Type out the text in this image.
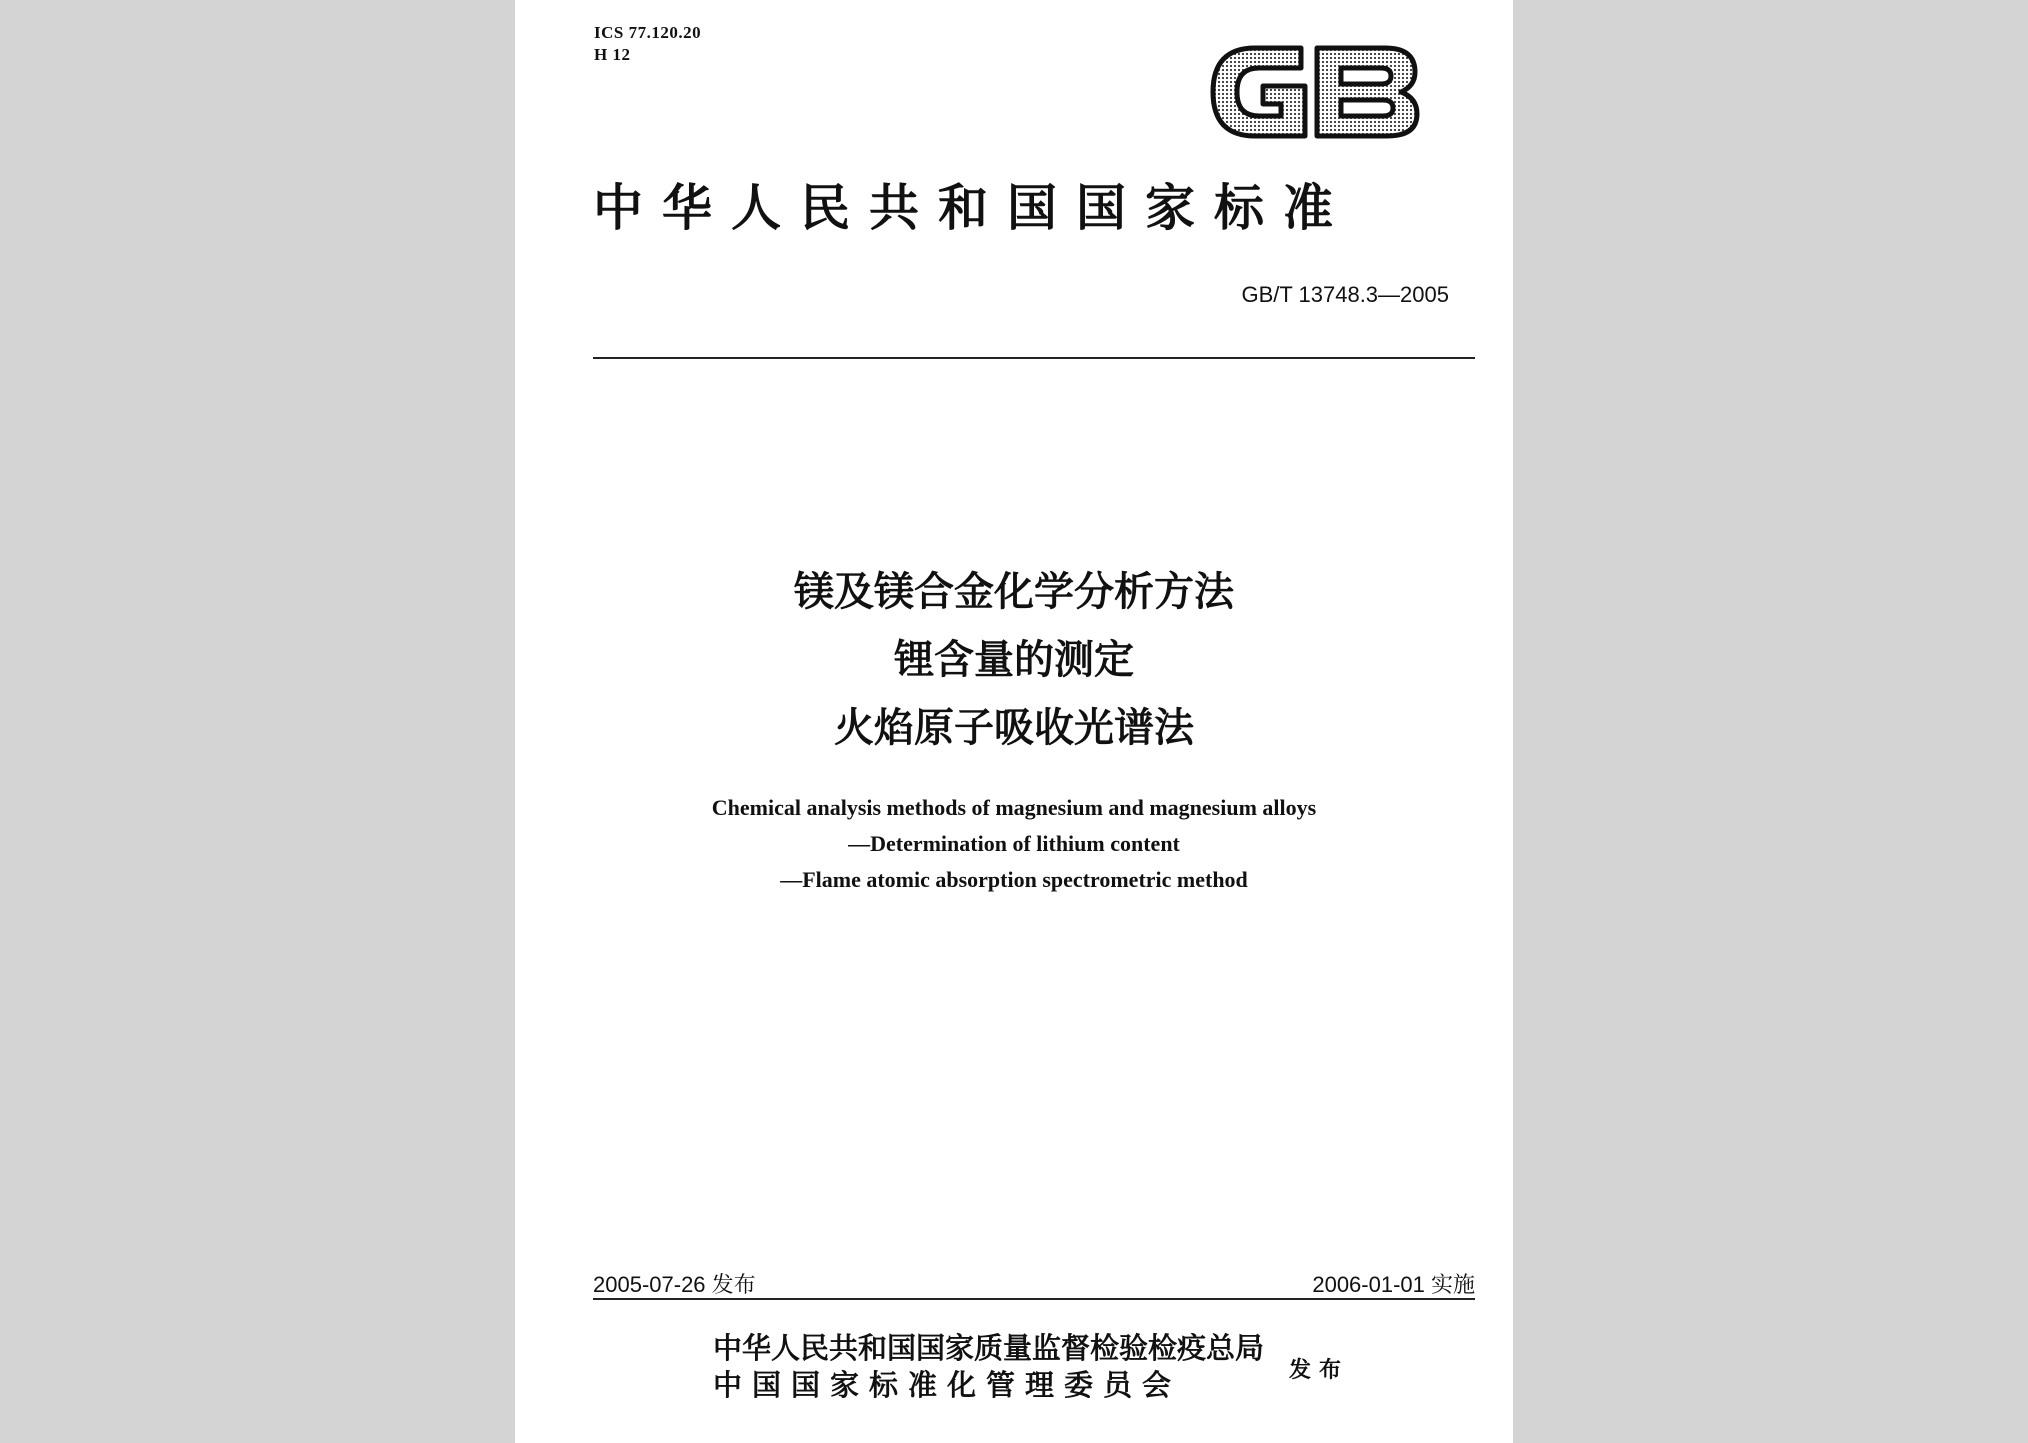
ICS 77.120.20
H 12
中华人民共和国国家标准
GB/T 13748.3—2005
镁及镁合金化学分析方法
锂含量的测定
火焰原子吸收光谱法
Chemical analysis methods of magnesium and magnesium alloys
—Determination of lithium content
—Flame atomic absorption spectrometric method
2005-07-26 发布	2006-01-01 实施
中华人民共和国国家质量监督检验检疫总局
中国国家标准化管理委员会	发布
